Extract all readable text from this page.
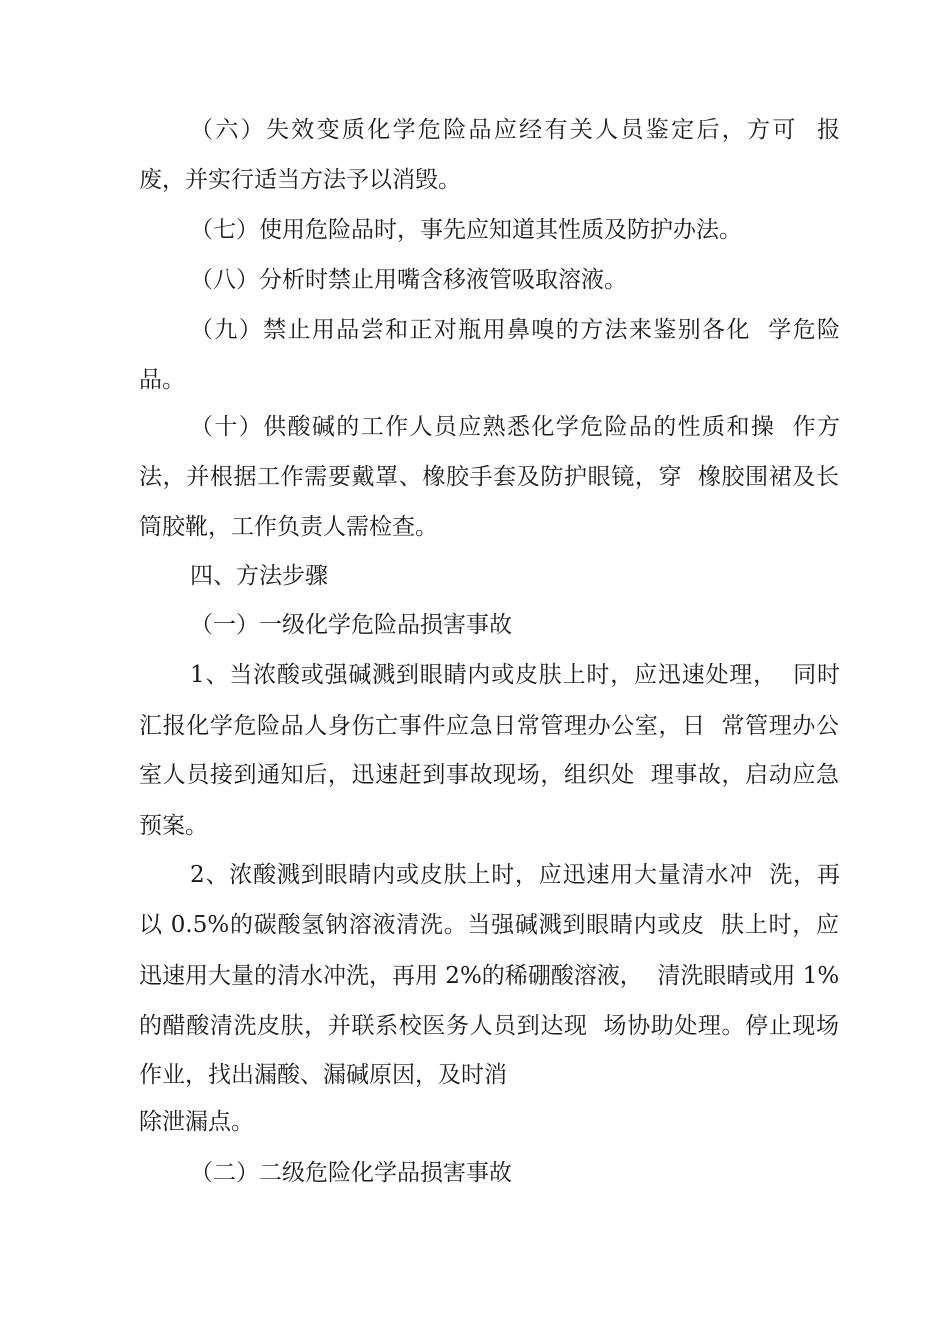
（六）失效变质化学危险品应经有关人员鉴定后，方可  报
废，并实行适当方法予以消毁。
（七）使用危险品时，事先应知道其性质及防护办法。
（八）分析时禁止用嘴含移液管吸取溶液。
（九）禁止用品尝和正对瓶用鼻嗅的方法来鉴别各化  学危险
品。
（十）供酸碱的工作人员应熟悉化学危险品的性质和操  作方
法，并根据工作需要戴罩、橡胶手套及防护眼镜，穿  橡胶围裙及长
筒胶靴，工作负责人需检查。
四、方法步骤
（一）一级化学危险品损害事故
1、当浓酸或强碱溅到眼睛内或皮肤上时，应迅速处理，  同时
汇报化学危险品人身伤亡事件应急日常管理办公室，日  常管理办公
室人员接到通知后，迅速赶到事故现场，组织处  理事故，启动应急
预案。
2、浓酸溅到眼睛内或皮肤上时，应迅速用大量清水冲  洗，再
以 0.5%的碳酸氢钠溶液清洗。当强碱溅到眼睛内或皮  肤上时，应
迅速用大量的清水冲洗，再用 2%的稀硼酸溶液，  清洗眼睛或用 1%
的醋酸清洗皮肤，并联系校医务人员到达现  场协助处理。停止现场
作业，找出漏酸、漏碱原因，及时消
除泄漏点。
（二）二级危险化学品损害事故
